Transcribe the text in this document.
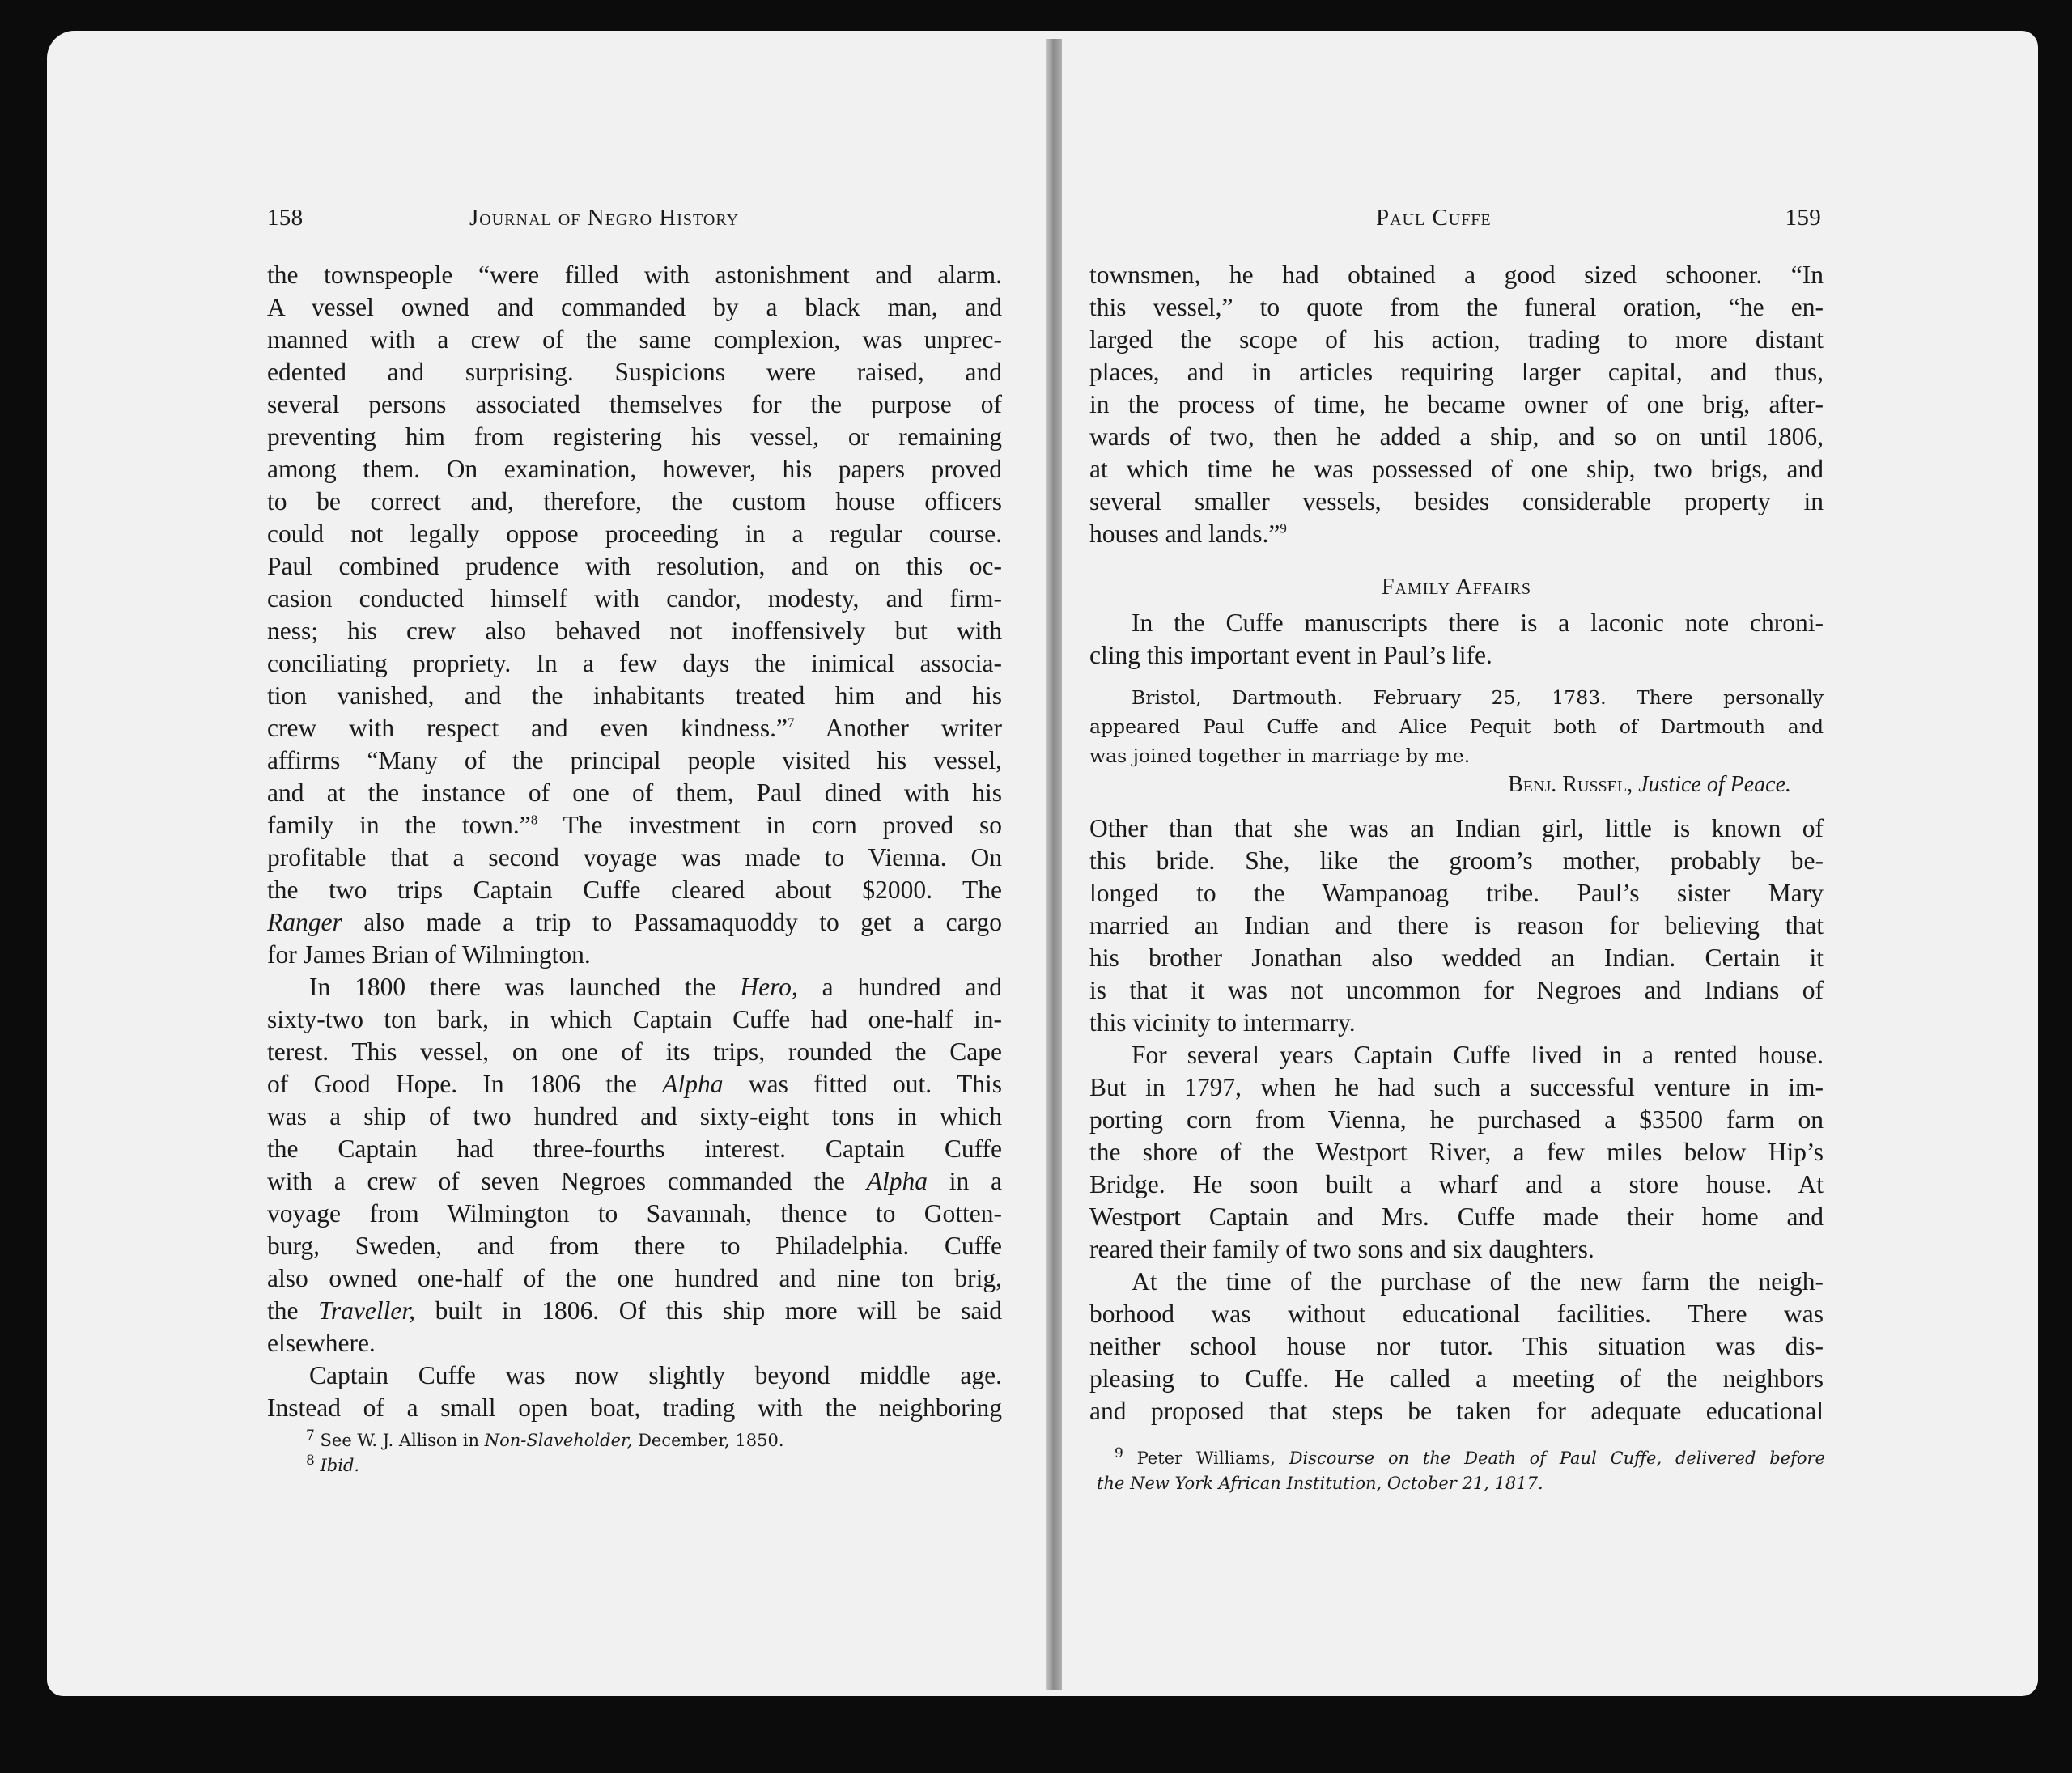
158	Journal of Negro History
the townspeople “were filled with astonishment and alarm.
A vessel owned and commanded by a black man, and
manned with a crew of the same complexion, was unprec-
edented and surprising. Suspicions were raised, and
several persons associated themselves for the purpose of
preventing him from registering his vessel, or remaining
among them. On examination, however, his papers proved
to be correct and, therefore, the custom house officers
could not legally oppose proceeding in a regular course.
Paul combined prudence with resolution, and on this oc-
casion conducted himself with candor, modesty, and firm-
ness; his crew also behaved not inoffensively but with
conciliating propriety. In a few days the inimical associa-
tion vanished, and the inhabitants treated him and his
crew with respect and even kindness.”$^7$ Another writer
affirms “Many of the principal people visited his vessel,
and at the instance of one of them, Paul dined with his
family in the town.”$^8$ The investment in corn proved so
profitable that a second voyage was made to Vienna. On
the two trips Captain Cuffe cleared about $2000. The
Ranger also made a trip to Passamaquoddy to get a cargo
for James Brian of Wilmington.
In 1800 there was launched the Hero, a hundred and
sixty-two ton bark, in which Captain Cuffe had one-half in-
terest. This vessel, on one of its trips, rounded the Cape
of Good Hope. In 1806 the Alpha was fitted out. This
was a ship of two hundred and sixty-eight tons in which
the Captain had three-fourths interest. Captain Cuffe
with a crew of seven Negroes commanded the Alpha in a
voyage from Wilmington to Savannah, thence to Gotten-
burg, Sweden, and from there to Philadelphia. Cuffe
also owned one-half of the one hundred and nine ton brig,
the Traveller, built in 1806. Of this ship more will be said
elsewhere.
Captain Cuffe was now slightly beyond middle age.
Instead of a small open boat, trading with the neighboring
$^7$ See W. J. Allison in Non-Slaveholder, December, 1850.
$^8$ Ibid.
Paul Cuffe	159
townsmen, he had obtained a good sized schooner. “In
this vessel,” to quote from the funeral oration, “he en-
larged the scope of his action, trading to more distant
places, and in articles requiring larger capital, and thus,
in the process of time, he became owner of one brig, after-
wards of two, then he added a ship, and so on until 1806,
at which time he was possessed of one ship, two brigs, and
several smaller vessels, besides considerable property in
houses and lands.”$^9$
Family Affairs
In the Cuffe manuscripts there is a laconic note chroni-
cling this important event in Paul’s life.
Bristol, Dartmouth. February 25, 1783. There personally
appeared Paul Cuffe and Alice Pequit both of Dartmouth and
was joined together in marriage by me.
Benj. Russel, Justice of Peace.
Other than that she was an Indian girl, little is known of
this bride. She, like the groom’s mother, probably be-
longed to the Wampanoag tribe. Paul’s sister Mary
married an Indian and there is reason for believing that
his brother Jonathan also wedded an Indian. Certain it
is that it was not uncommon for Negroes and Indians of
this vicinity to intermarry.
For several years Captain Cuffe lived in a rented house.
But in 1797, when he had such a successful venture in im-
porting corn from Vienna, he purchased a $3500 farm on
the shore of the Westport River, a few miles below Hip’s
Bridge. He soon built a wharf and a store house. At
Westport Captain and Mrs. Cuffe made their home and
reared their family of two sons and six daughters.
At the time of the purchase of the new farm the neigh-
borhood was without educational facilities. There was
neither school house nor tutor. This situation was dis-
pleasing to Cuffe. He called a meeting of the neighbors
and proposed that steps be taken for adequate educational
$^9$ Peter Williams, Discourse on the Death of Paul Cuffe, delivered before
the New York African Institution, October 21, 1817.
